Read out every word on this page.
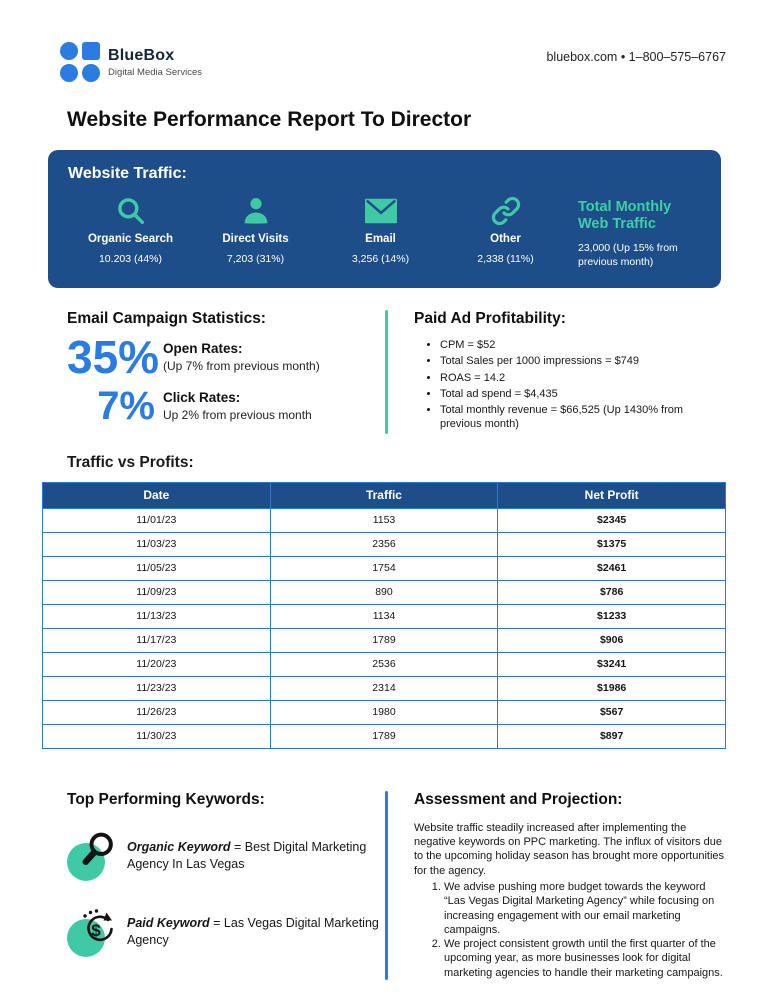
BlueBox
Digital Media Services
bluebox.com • 1–800–575–6767
Website Performance Report To Director
Website Traffic:
Organic Search
10.203 (44%)
Direct Visits
7,203 (31%)
Email
3,256 (14%)
Other
2,338 (11%)
Total Monthly Web Traffic
23,000 (Up 15% from previous month)
Email Campaign Statistics:
35% Open Rates:
(Up 7% from previous month)
7% Click Rates:
Up 2% from previous month
Paid Ad Profitability:
• CPM = $52
• Total Sales per 1000 impressions = $749
• ROAS = 14.2
• Total ad spend = $4,435
• Total monthly revenue = $66,525 (Up 1430% from previous month)
Traffic vs Profits:
Date	Traffic	Net Profit
11/01/23	1153	$2345
11/03/23	2356	$1375
11/05/23	1754	$2461
11/09/23	890	$786
11/13/23	1134	$1233
11/17/23	1789	$906
11/20/23	2536	$3241
11/23/23	2314	$1986
11/26/23	1980	$567
11/30/23	1789	$897
Top Performing Keywords:
Organic Keyword = Best Digital Marketing Agency In Las Vegas
$ Paid Keyword = Las Vegas Digital Marketing Agency
Assessment and Projection:

Website traffic steadily increased after implementing the negative keywords on PPC marketing. The influx of visitors due to the upcoming holiday season has brought more opportunities for the agency.

1. We advise pushing more budget towards the keyword “Las Vegas Digital Marketing Agency” while focusing on increasing engagement with our email marketing campaigns.
2. We project consistent growth until the first quarter of the upcoming year, as more businesses look for digital marketing agencies to handle their marketing campaigns.
